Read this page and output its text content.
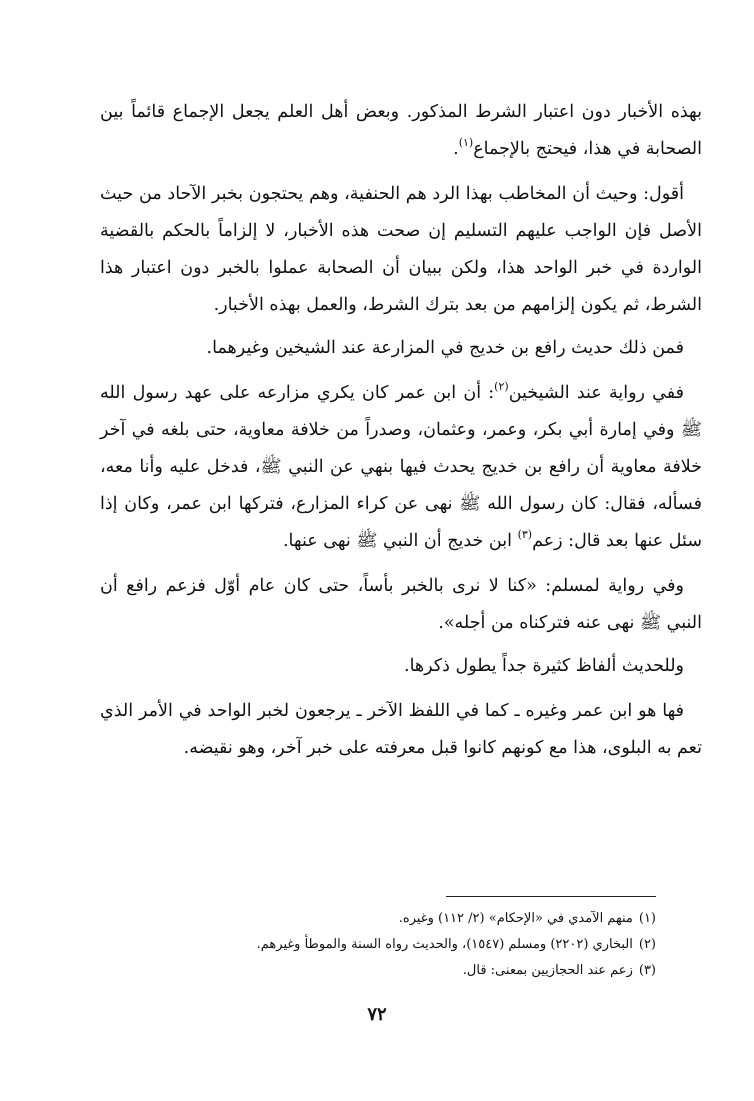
بهذه الأخبار دون اعتبار الشرط المذكور. وبعض أهل العلم يجعل الإجماع قائماً بين الصحابة في هذا، فيحتج بالإجماع$^{(١)}$.

أقول: وحيث أن المخاطب بهذا الرد هم الحنفية، وهم يحتجون بخبر الآحاد من حيث الأصل فإن الواجب عليهم التسليم إن صحت هذه الأخبار، لا إلزاماً بالحكم بالقضية الواردة في خبر الواحد هذا، ولكن ببيان أن الصحابة عملوا بالخبر دون اعتبار هذا الشرط، ثم يكون إلزامهم من بعد بترك الشرط، والعمل بهذه الأخبار.

فمن ذلك حديث رافع بن خديج في المزارعة عند الشيخين وغيرهما.

ففي رواية عند الشيخين$^{(٢)}$: أن ابن عمر كان يكري مزارعه على عهد رسول الله ﷺ وفي إمارة أبي بكر، وعمر، وعثمان، وصدراً من خلافة معاوية، حتى بلغه في آخر خلافة معاوية أن رافع بن خديج يحدث فيها بنهي عن النبي ﷺ، فدخل عليه وأنا معه، فسأله، فقال: كان رسول الله ﷺ نهى عن كراء المزارع، فتركها ابن عمر، وكان إذا سئل عنها بعد قال: زعم$^{(٣)}$ ابن خديج أن النبي ﷺ نهى عنها.

وفي رواية لمسلم: «كنا لا نرى بالخبر بأساً، حتى كان عام أوّل فزعم رافع أن النبي ﷺ نهى عنه فتركناه من أجله».

وللحديث ألفاظ كثيرة جداً يطول ذكرها.

فها هو ابن عمر وغيره ـ كما في اللفظ الآخر ـ يرجعون لخبر الواحد في الأمر الذي تعم به البلوى، هذا مع كونهم كانوا قبل معرفته على خبر آخر، وهو نقيضه.

(١)منهم الآمدي في «الإحكام» (٢/ ١١٢) وغيره.
(٢)البخاري (٢٢٠٢) ومسلم (١٥٤٧)، والحديث رواه السنة والموطأ وغيرهم.
(٣)زعم عند الحجازيين بمعنى: قال.
٧٢
